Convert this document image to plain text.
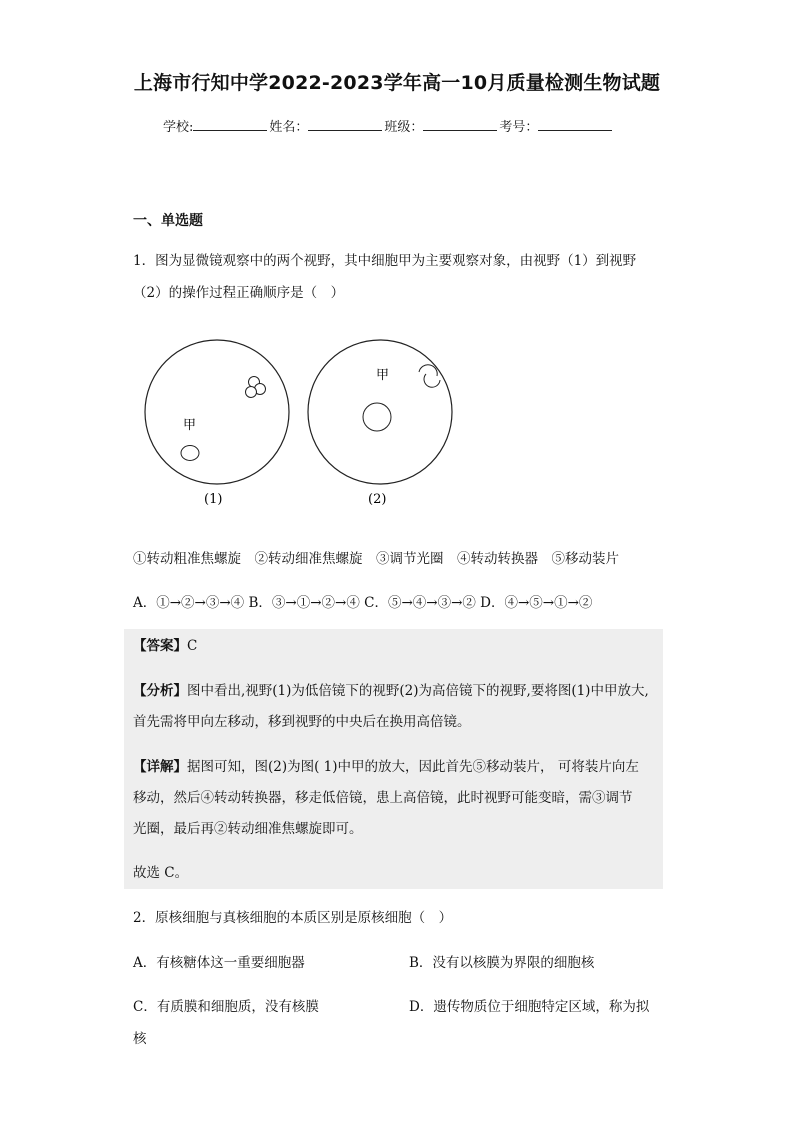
上海市行知中学2022-2023学年高一10月质量检测生物试题
学校:	姓名：	班级：	考号：
一、单选题
1．图为显微镜观察中的两个视野，其中细胞甲为主要观察对象，由视野（1）到视野
（2）的操作过程正确顺序是（　）
甲
(1)
甲
(2)
①转动粗准焦螺旋　②转动细准焦螺旋　③调节光圈　④转动转换器　⑤移动装片
A．①→②→③→④ B．③→①→②→④ C．⑤→④→③→② D．④→⑤→①→②
【答案】C
【分析】图中看出,视野(1)为低倍镜下的视野(2)为高倍镜下的视野,要将图(1)中甲放大,
首先需将甲向左移动，移到视野的中央后在换用高倍镜。
【详解】据图可知，图(2)为图( 1)中甲的放大，因此首先⑤移动装片， 可将装片向左
移动，然后④转动转换器，移走低倍镜，患上高倍镜，此时视野可能变暗，需③调节
光圈，最后再②转动细准焦螺旋即可。
故选 C。
2．原核细胞与真核细胞的本质区别是原核细胞（　）
A．有核糖体这一重要细胞器	B．没有以核膜为界限的细胞核
C．有质膜和细胞质，没有核膜	D．遗传物质位于细胞特定区域，称为拟
核
